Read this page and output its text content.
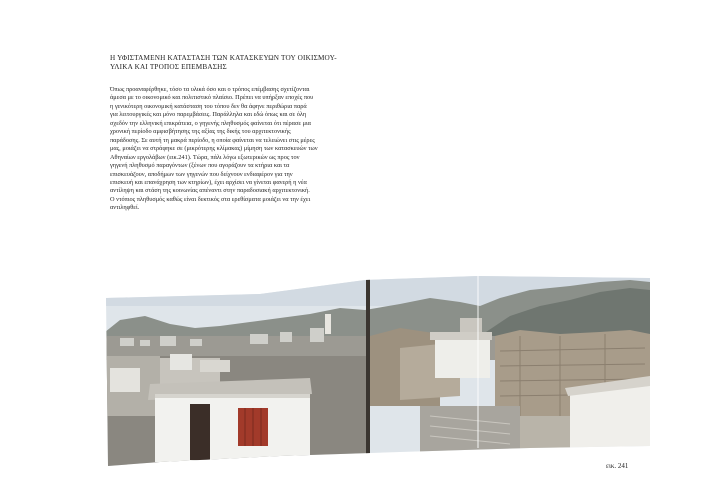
Η ΥΦΙΣΤΑΜΕΝΗ ΚΑΤΑΣΤΑΣΗ ΤΩΝ ΚΑΤΑΣΚΕΥΩΝ ΤΟΥ ΟΙΚΙΣΜΟΥ-
ΥΛΙΚΑ ΚΑΙ ΤΡΟΠΟΣ ΕΠΕΜΒΑΣΗΣ
Όπως προαναφέρθηκε, τόσο τα υλικά όσο και ο τρόπος επέμβασης σχετίζονται
άμεσα με το οικονομικό και πολιτιστικό πλαίσιο. Πρέπει να υπήρξαν εποχές που
η γενικότερη οικονομική κατάσταση του τόπου δεν θα άφηνε περιθώρια παρά
για λειτουργικές και μόνο παρεμβάσεις. Παράλληλα και εδώ όπως και σε όλη
σχεδόν την ελληνική επικράτεια, ο γηγενής πληθυσμός φαίνεται ότι πέρασε μια
χρονική περίοδο αμφισβήτησης της αξίας της δικής του αρχιτεκτονικής
παράδοσης. Σε αυτή τη μακρά περίοδο, η οποία φαίνεται να τελειώνει στις μέρες
μας, μοιάζει να στράφηκε σε (μικρότερης κλίμακας) μίμηση των κατασκευών των
Αθηναίων εργολάβων (εικ.241). Τώρα, πάλι λόγω εξωτερικών ως προς τον
γηγενή πληθυσμό παραγόντων (ξένων που αγοράζουν τα κτήρια και τα
επισκευάζουν, αποδήμων των γηγενών που δείχνουν ενδιαφέρον για την
επισκευή και επανάχρηση των κτηρίων), έχει αρχίσει να γίνεται φανερή η νέα
αντίληψη και στάση της κοινωνίας απέναντι στην παραδοσιακή αρχιτεκτονική.
Ο ντόπιος πληθυσμός καθώς είναι δεκτικός στα ερεθίσματα μοιάζει να την έχει
αντιληφθεί.
εικ. 241
